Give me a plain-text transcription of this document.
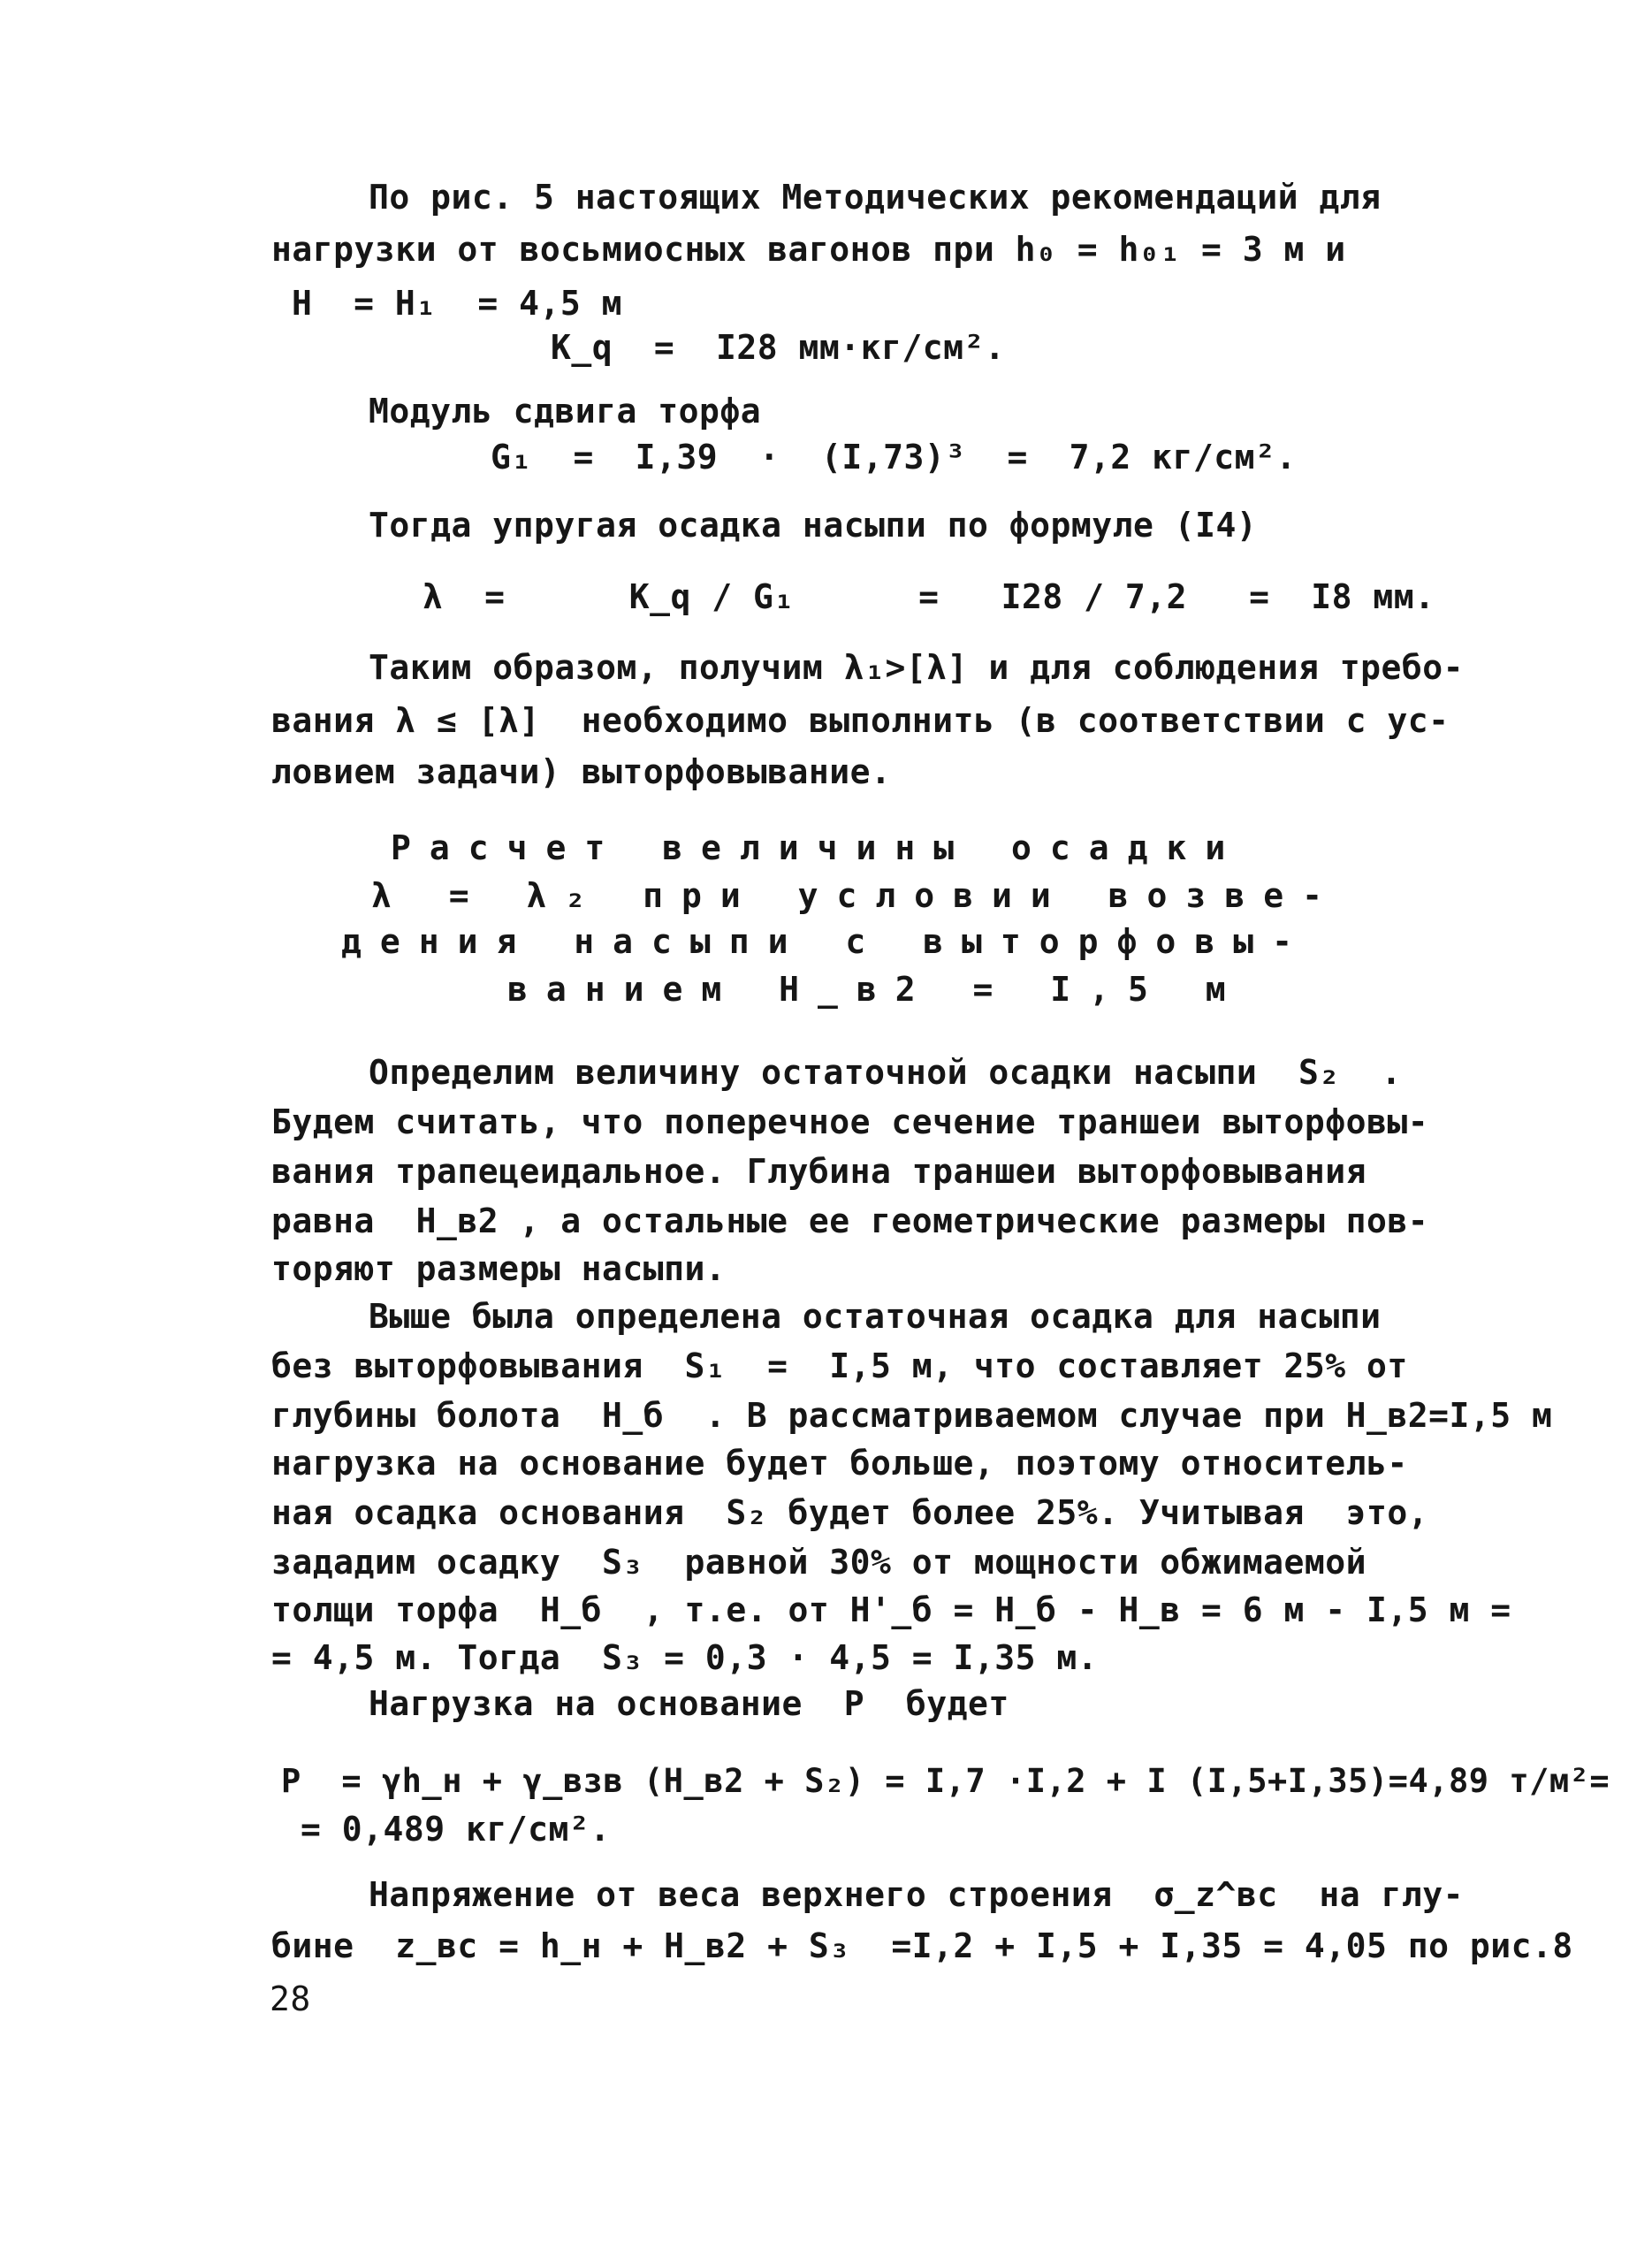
По рис. 5 настоящих Методических рекомендаций для
нагрузки от восьмиосных вагонов при h₀ = h₀₁ = 3 м и
H  = H₁  = 4,5 м
K_q  =  I28 мм·кг/см².
Модуль сдвига торфа
G₁  =  I,39  ·  (I,73)³  =  7,2 кг/см².
Тогда упругая осадка насыпи по формуле (I4)
λ  =      K_q / G₁      =   I28 / 7,2   =  I8 мм.
Таким образом, получим λ₁>[λ] и для соблюдения требо-
вания λ ≤ [λ]  необходимо выполнить (в соответствии с ус-
ловием задачи) выторфовывание.
Расчет величины осадки
λ = λ₂ при условии возве-
дения насыпи с выторфовы-
ванием H_в2 = I,5 м
Определим величину остаточной осадки насыпи  S₂  .
Будем считать, что поперечное сечение траншеи выторфовы-
вания трапецеидальное. Глубина траншеи выторфовывания
равна  H_в2 , а остальные ее геометрические размеры пов-
торяют размеры насыпи.
Выше была определена остаточная осадка для насыпи
без выторфовывания  S₁  =  I,5 м, что составляет 25% от
глубины болота  H_б  . В рассматриваемом случае при H_в2=I,5 м
нагрузка на основание будет больше, поэтому относитель-
ная осадка основания  S₂ будет более 25%. Учитывая  это,
зададим осадку  S₃  равной 30% от мощности обжимаемой
толщи торфа  H_б  , т.е. от H'_б = H_б - H_в = 6 м - I,5 м =
= 4,5 м. Тогда  S₃ = 0,3 · 4,5 = I,35 м.
Нагрузка на основание  P  будет
P  = γh_н + γ_взв (H_в2 + S₂) = I,7 ·I,2 + I (I,5+I,35)=4,89 т/м²=
= 0,489 кг/см².
Напряжение от веса верхнего строения  σ_z^вс  на глу-
бине  z_вс = h_н + H_в2 + S₃  =I,2 + I,5 + I,35 = 4,05 по рис.8
28
